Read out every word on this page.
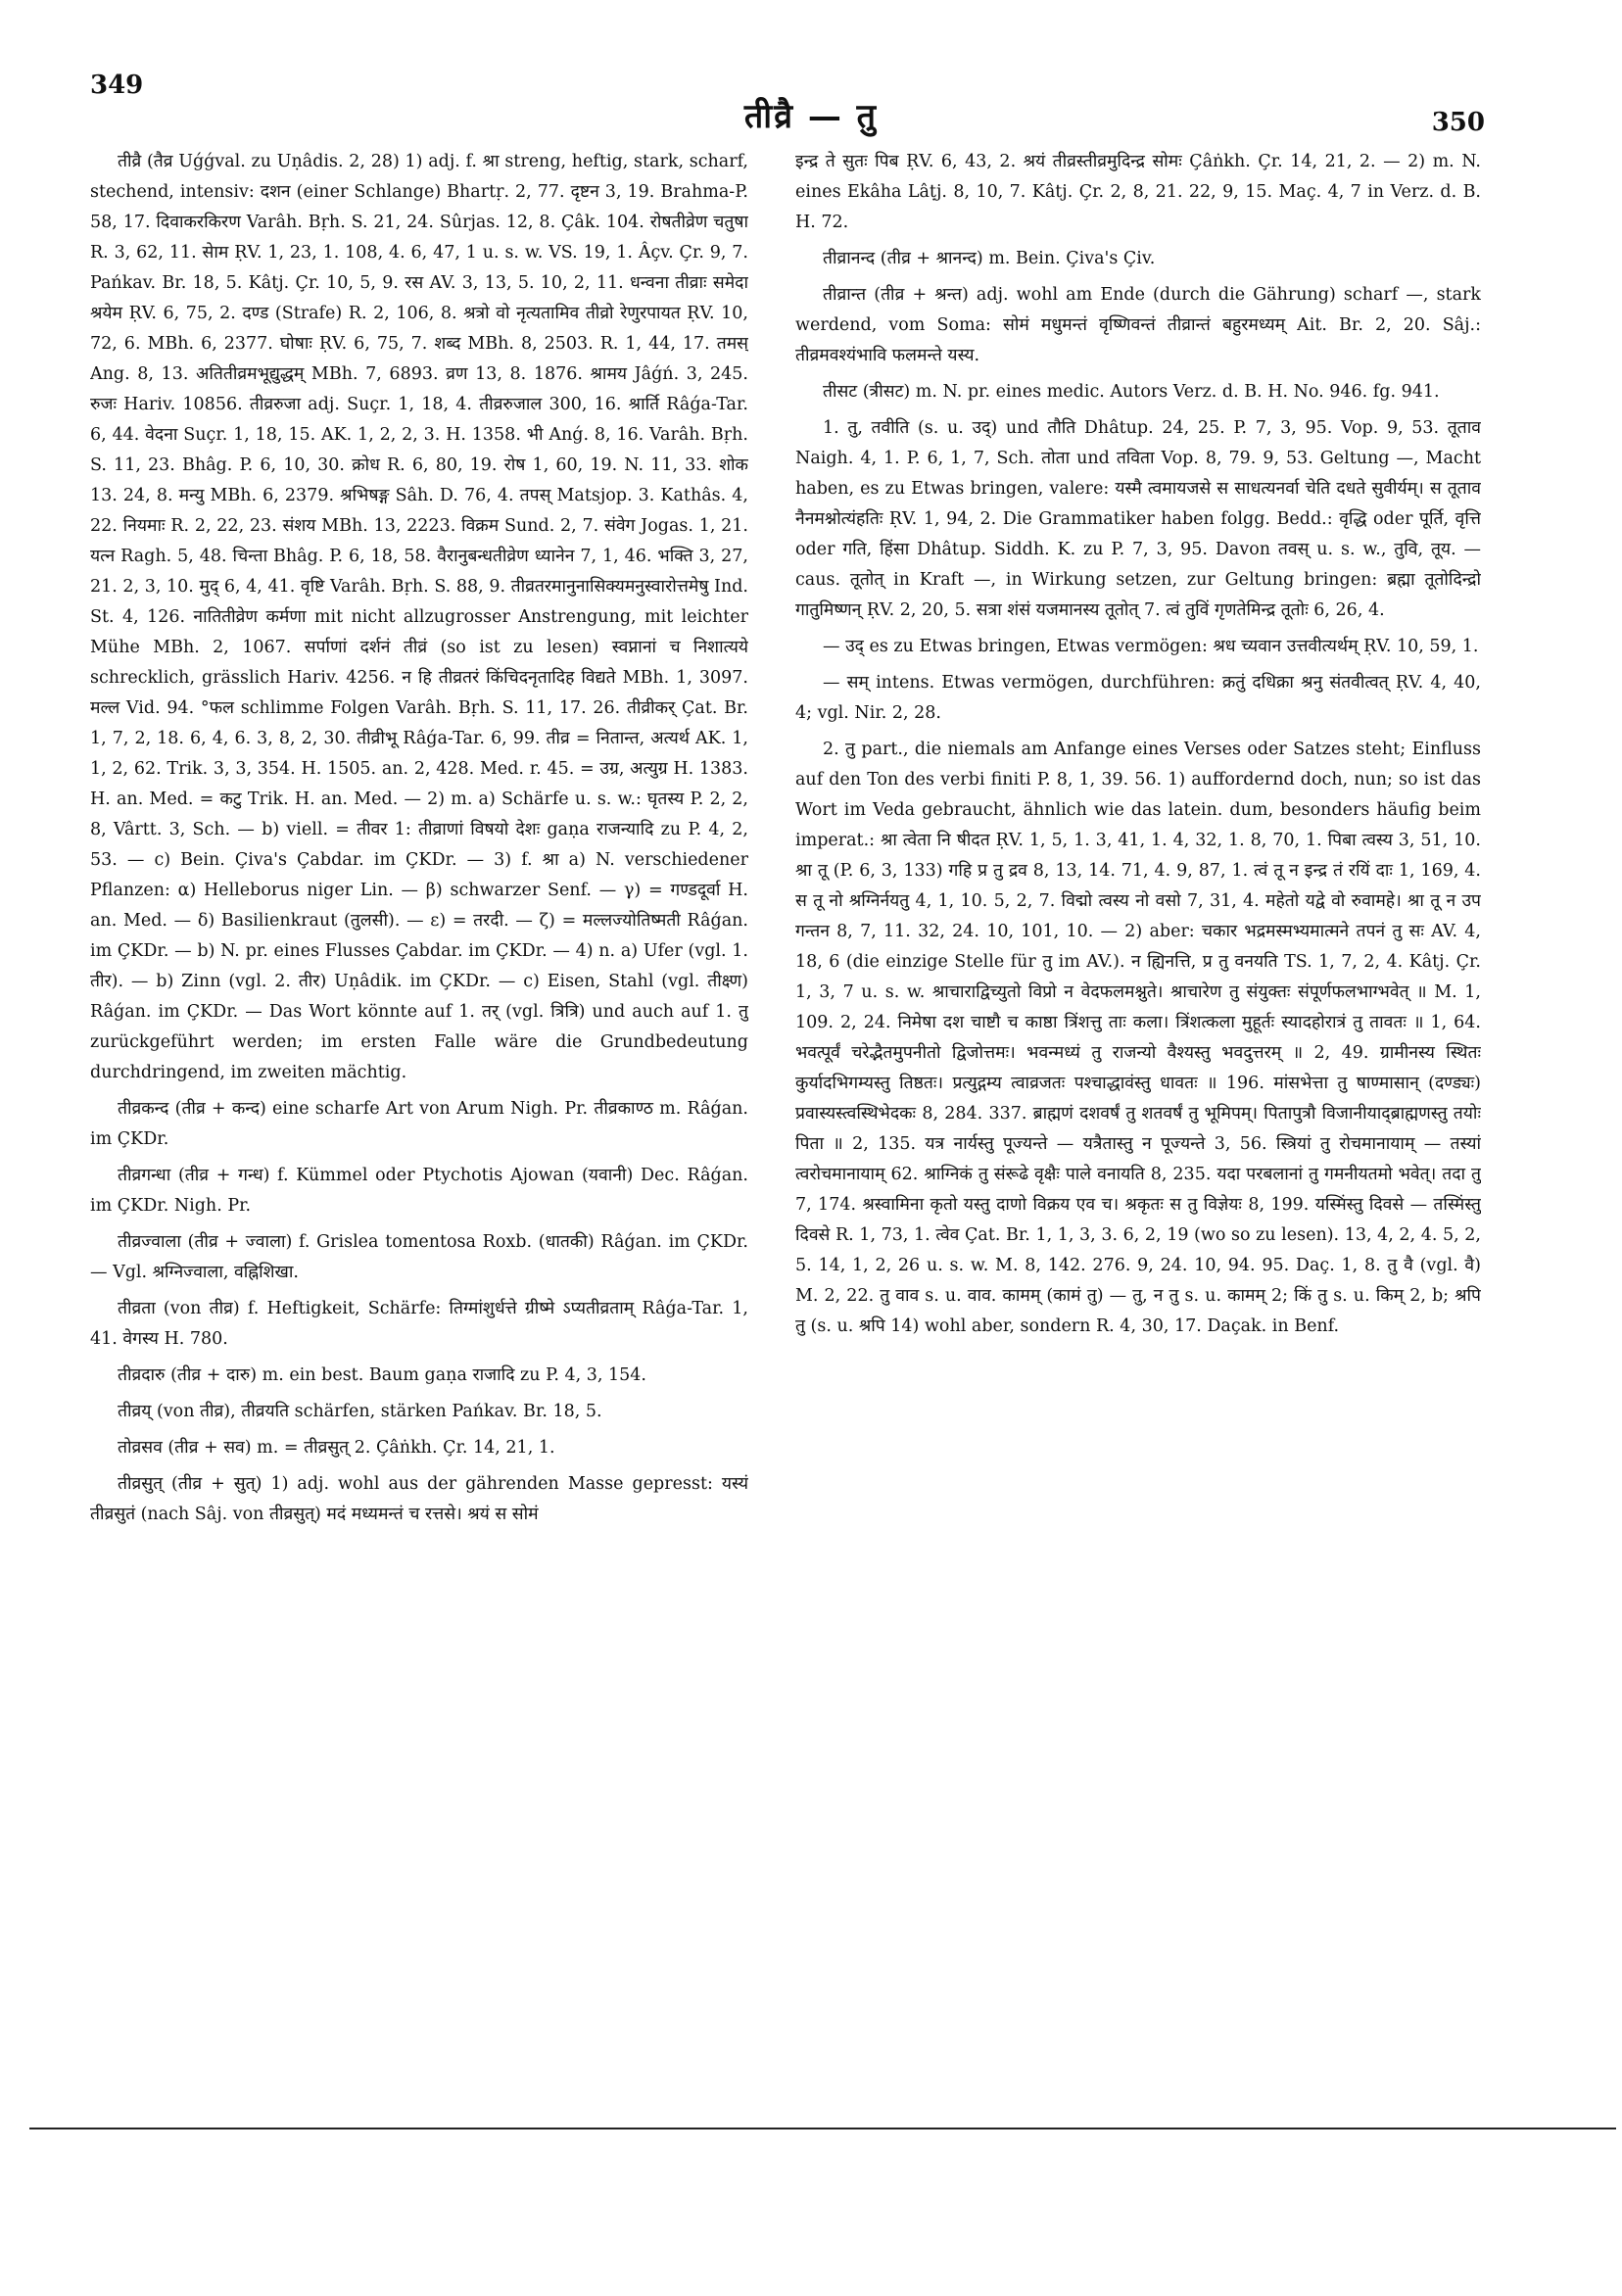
349
तीव्रै — तु	350

तीव्रै (तैव्र Uǵǵval. zu Uṇâdis. 2, 28) 1) adj. f. श्रा streng, heftig, stark, scharf, stechend, intensiv: दशन (einer Schlange) Bhartṛ. 2, 77. दृष्टन 3, 19. Brahma-P. 58, 17. दिवाकरकिरण Varâh. Bṛh. S. 21, 24. Sûrjas. 12, 8. Çâk. 104. रोषतीव्रेण चतुषा R. 3, 62, 11. सेाम ṚV. 1, 23, 1. 108, 4. 6, 47, 1 u. s. w. VS. 19, 1. Âçv. Çr. 9, 7. Pańkav. Br. 18, 5. Kâtj. Çr. 10, 5, 9. रस AV. 3, 13, 5. 10, 2, 11. धन्वना तीव्राः समेदा श्रयेम ṚV. 6, 75, 2. दण्ड (Strafe) R. 2, 106, 8. श्रत्रो वो नृत्यतामिव तीव्रो रेणुरपायत ṚV. 10, 72, 6. MBh. 6, 2377. घोषाः ṚV. 6, 75, 7. शब्द MBh. 8, 2503. R. 1, 44, 17. तमस् Ang. 8, 13. अतितीव्रमभूद्युद्धम् MBh. 7, 6893. व्रण 13, 8. 1876. श्रामय Jâǵń. 3, 245. रुजः Hariv. 10856. तीव्ररुजा adj. Suçr. 1, 18, 4. तीव्ररुजाल 300, 16. श्रार्ति Râǵa-Tar. 6, 44. वेदना Suçr. 1, 18, 15. AK. 1, 2, 2, 3. H. 1358. भी Anǵ. 8, 16. Varâh. Bṛh. S. 11, 23. Bhâg. P. 6, 10, 30. क्रोध R. 6, 80, 19. रोष 1, 60, 19. N. 11, 33. शोक 13. 24, 8. मन्यु MBh. 6, 2379. श्रभिषङ्ग Sâh. D. 76, 4. तपस् Matsjop. 3. Kathâs. 4, 22. नियमाः R. 2, 22, 23. संशय MBh. 13, 2223. विक्रम Sund. 2, 7. संवेग Jogas. 1, 21. यत्न Ragh. 5, 48. चिन्ता Bhâg. P. 6, 18, 58. वैरानुबन्धतीव्रेण ध्यानेन 7, 1, 46. भक्ति 3, 27, 21. 2, 3, 10. मुद् 6, 4, 41. वृष्टि Varâh. Bṛh. S. 88, 9. तीव्रतरमानुनासिक्यमनुस्वारोत्तमेषु Ind. St. 4, 126. नातितीव्रेण कर्मणा mit nicht allzugrosser Anstrengung, mit leichter Mühe MBh. 2, 1067. सर्पाणां दर्शनं तीव्रं (so ist zu lesen) स्वप्नानां च निशात्यये schrecklich, grässlich Hariv. 4256. न हि तीव्रतरं किंचिदनृतादिह विद्यते MBh. 1, 3097. मल्ल Vid. 94. °फल schlimme Folgen Varâh. Bṛh. S. 11, 17. 26. तीव्रीकर् Çat. Br. 1, 7, 2, 18. 6, 4, 6. 3, 8, 2, 30. तीव्रीभू Râǵa-Tar. 6, 99. तीव्र = नितान्त, अत्यर्थ AK. 1, 1, 2, 62. Trik. 3, 3, 354. H. 1505. an. 2, 428. Med. r. 45. = उग्र, अत्युग्र H. 1383. H. an. Med. = कटु Trik. H. an. Med. — 2) m. a) Schärfe u. s. w.: घृतस्य P. 2, 2, 8, Vârtt. 3, Sch. — b) viell. = तीवर 1: तीव्राणां विषयो देशः gaṇa राजन्यादि zu P. 4, 2, 53. — c) Bein. Çiva's Çabdar. im ÇKDr. — 3) f. श्रा a) N. verschiedener Pflanzen: α) Helleborus niger Lin. — β) schwarzer Senf. — γ) = गण्डदूर्वा H. an. Med. — δ) Basilienkraut (तुलसी). — ε) = तरदी. — ζ) = मल्लज्योतिष्मती Râǵan. im ÇKDr. — b) N. pr. eines Flusses Çabdar. im ÇKDr. — 4) n. a) Ufer (vgl. 1. तीर). — b) Zinn (vgl. 2. तीर) Uṇâdik. im ÇKDr. — c) Eisen, Stahl (vgl. तीक्ष्ण) Râǵan. im ÇKDr. — Das Wort könnte auf 1. तर् (vgl. त्रित्रि) und auch auf 1. तु zurückgeführt werden; im ersten Falle wäre die Grundbedeutung durchdringend, im zweiten mächtig.

तीव्रकन्द (तीव्र + कन्द) eine scharfe Art von Arum Nigh. Pr. तीव्रकाण्ठ m. Râǵan. im ÇKDr.

तीव्रगन्धा (तीव्र + गन्ध) f. Kümmel oder Ptychotis Ajowan (यवानी) Dec. Râǵan. im ÇKDr. Nigh. Pr.

तीव्रज्वाला (तीव्र + ज्वाला) f. Grislea tomentosa Roxb. (धातकी) Râǵan. im ÇKDr. — Vgl. श्रग्निज्वाला, वह्निशिखा.

तीव्रता (von तीव्र) f. Heftigkeit, Schärfe: तिग्मांशुर्धत्ते ग्रीष्मे ऽप्यतीव्रताम् Râǵa-Tar. 1, 41. वेगस्य H. 780.

तीव्रदारु (तीव्र + दारु) m. ein best. Baum gaṇa राजादि zu P. 4, 3, 154.

तीव्रय् (von तीव्र), तीव्रयति schärfen, stärken Pańkav. Br. 18, 5.

तोव्रसव (तीव्र + सव) m. = तीव्रसुत् 2. Çâṅkh. Çr. 14, 21, 1.

तीव्रसुत् (तीव्र + सुत्) 1) adj. wohl aus der gährenden Masse gepresst: यस्यं तीव्रसुतं (nach Sâj. von तीव्रसुत्) मदं मध्यमन्तं च रत्तसे। श्रयं स सोमं

इन्द्र ते सुतः पिब ṚV. 6, 43, 2. श्रयं तीव्रस्तीव्रमुदिन्द्र सोमः Çâṅkh. Çr. 14, 21, 2. — 2) m. N. eines Ekâha Lâṭj. 8, 10, 7. Kâtj. Çr. 2, 8, 21. 22, 9, 15. Maç. 4, 7 in Verz. d. B. H. 72.

तीव्रानन्द (तीव्र + श्रानन्द) m. Bein. Çiva's Çiv.

तीव्रान्त (तीव्र + श्रन्त) adj. wohl am Ende (durch die Gährung) scharf —, stark werdend, vom Soma: सोमं मधुमन्तं वृष्णिवन्तं तीव्रान्तं बहुरमध्यम् Ait. Br. 2, 20. Sâj.: तीव्रमवश्यंभावि फलमन्ते यस्य.

तीसट (त्रीसट) m. N. pr. eines medic. Autors Verz. d. B. H. No. 946. fg. 941.

1. तु, तवीति (s. u. उद्) und तौति Dhâtup. 24, 25. P. 7, 3, 95. Vop. 9, 53. तूताव Naigh. 4, 1. P. 6, 1, 7, Sch. तोता und तविता Vop. 8, 79. 9, 53. Geltung —, Macht haben, es zu Etwas bringen, valere: यस्मै त्वमायजसे स साधत्यनर्वा चेति दधते सुवीर्यम्। स तूताव नैनमश्नोत्यंहतिः ṚV. 1, 94, 2. Die Grammatiker haben folgg. Bedd.: वृद्धि oder पूर्ति, वृत्ति oder गति, हिंसा Dhâtup. Siddh. K. zu P. 7, 3, 95. Davon तवस् u. s. w., तुवि, तूय. — caus. तूतोत् in Kraft —, in Wirkung setzen, zur Geltung bringen: ब्रह्मा तूतोदिन्द्रो गातुमिष्णन् ṚV. 2, 20, 5. सत्रा शंसं यजमानस्य तूतोत् 7. त्वं तुविं गृणतेमिन्द्र तूतोः 6, 26, 4.

— उद् es zu Etwas bringen, Etwas vermögen: श्रध च्यवान उत्तवीत्यर्थम् ṚV. 10, 59, 1.

— सम् intens. Etwas vermögen, durchführen: क्रतुं दधिक्रा श्रनु संतवीत्वत् ṚV. 4, 40, 4; vgl. Nir. 2, 28.

2. तु part., die niemals am Anfange eines Verses oder Satzes steht; Einfluss auf den Ton des verbi finiti P. 8, 1, 39. 56. 1) auffordernd doch, nun; so ist das Wort im Veda gebraucht, ähnlich wie das latein. dum, besonders häufig beim imperat.: श्रा त्वेता नि षीदत ṚV. 1, 5, 1. 3, 41, 1. 4, 32, 1. 8, 70, 1. पिबा त्वस्य 3, 51, 10. श्रा तू (P. 6, 3, 133) गहि प्र तु द्रव 8, 13, 14. 71, 4. 9, 87, 1. त्वं तू न इन्द्र तं रयिं दाः 1, 169, 4. स तू नो श्रग्निर्नयतु 4, 1, 10. 5, 2, 7. विद्मो त्वस्य नो वसो 7, 31, 4. महेतो यद्वे वो रुवामहे। श्रा तू न उप गन्तन 8, 7, 11. 32, 24. 10, 101, 10. — 2) aber: चकार भद्रमस्मभ्यमात्मने तपनं तु सः AV. 4, 18, 6 (die einzige Stelle für तु im AV.). न ह्यिनत्ति, प्र तु वनयति TS. 1, 7, 2, 4. Kâtj. Çr. 1, 3, 7 u. s. w. श्राचाराद्विच्युतो विप्रो न वेदफलमश्नुते। श्राचारेण तु संयुक्तः संपूर्णफलभाग्भवेत् ॥ M. 1, 109. 2, 24. निमेषा दश चाष्टौ च काष्ठा त्रिंशत्तु ताः कला। त्रिंशत्कला मुहूर्तः स्यादहोरात्रं तु तावतः ॥ 1, 64. भवत्पूर्वं चरेद्भैतमुपनीतो द्विजोत्तमः। भवन्मध्यं तु राजन्यो वैश्यस्तु भवदुत्तरम् ॥ 2, 49. ग्रामीनस्य स्थितः कुर्यादभिगम्यस्तु तिष्ठतः। प्रत्युद्गम्य त्वाव्रजतः पश्चाद्धावंस्तु धावतः ॥ 196. मांसभेत्ता तु षाण्मासान् (दण्ड्यः) प्रवास्यस्त्वस्थिभेदकः 8, 284. 337. ब्राह्मणं दशवर्षं तु शतवर्षं तु भूमिपम्। पितापुत्रौ विजानीयाद्ब्राह्मणस्तु तयोः पिता ॥ 2, 135. यत्र नार्यस्तु पूज्यन्ते — यत्रैतास्तु न पूज्यन्ते 3, 56. स्त्रियां तु रोचमानायाम् — तस्यां त्वरोचमानायाम् 62. श्राग्निकं तु संरूढे वृक्षैः पाले वनायति 8, 235. यदा परबलानां तु गमनीयतमो भवेत्। तदा तु 7, 174. श्रस्वामिना कृतो यस्तु दाणो विक्रय एव च। श्रकृतः स तु विज्ञेयः 8, 199. यस्मिंस्तु दिवसे — तस्मिंस्तु दिवसे R. 1, 73, 1. त्वेव Çat. Br. 1, 1, 3, 3. 6, 2, 19 (wo so zu lesen). 13, 4, 2, 4. 5, 2, 5. 14, 1, 2, 26 u. s. w. M. 8, 142. 276. 9, 24. 10, 94. 95. Daç. 1, 8. तु वै (vgl. वै) M. 2, 22. तु वाव s. u. वाव. कामम् (कामं तु) — तु, न तु s. u. कामम् 2; किं तु s. u. किम् 2, b; श्रपि तु (s. u. श्रपि 14) wohl aber, sondern R. 4, 30, 17. Daçak. in Benf.
